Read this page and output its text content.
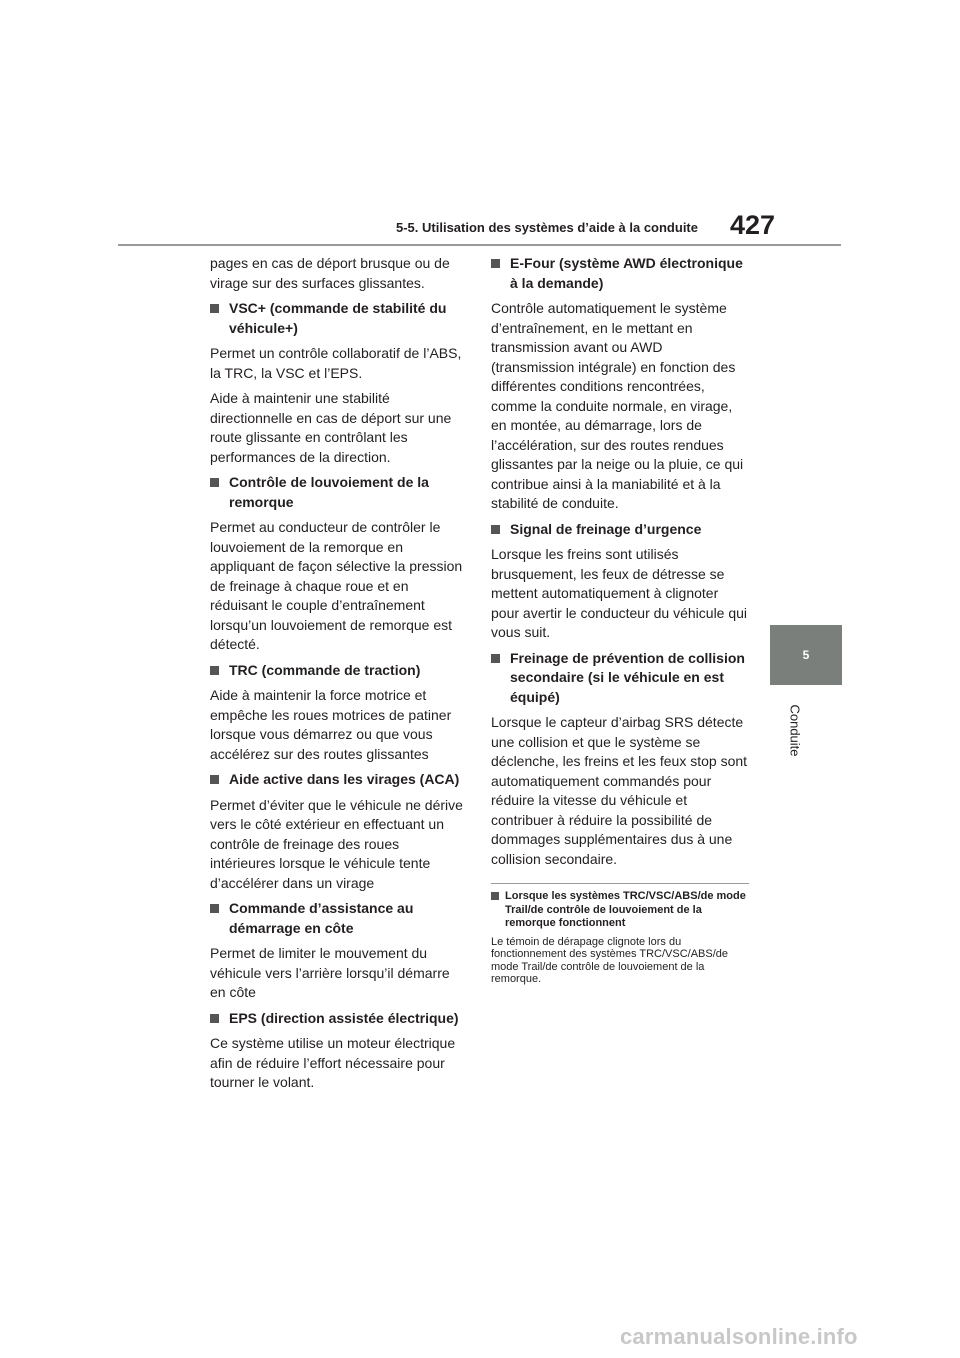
5-5. Utilisation des systèmes d’aide à la conduite 427

pages en cas de déport brusque ou de virage sur des surfaces glissantes.

VSC+ (commande de stabilité du véhicule+)

Permet un contrôle collaboratif de l’ABS, la TRC, la VSC et l’EPS.

Aide à maintenir une stabilité directionnelle en cas de déport sur une route glissante en contrôlant les performances de la direction.

Contrôle de louvoiement de la remorque

Permet au conducteur de contrôler le louvoiement de la remorque en appliquant de façon sélective la pression de freinage à chaque roue et en réduisant le couple d’entraînement lorsqu’un louvoiement de remorque est détecté.

TRC (commande de traction)

Aide à maintenir la force motrice et empêche les roues motrices de patiner lorsque vous démarrez ou que vous accélérez sur des routes glissantes

Aide active dans les virages (ACA)

Permet d’éviter que le véhicule ne dérive vers le côté extérieur en effectuant un contrôle de freinage des roues intérieures lorsque le véhicule tente d’accélérer dans un virage

Commande d’assistance au démarrage en côte

Permet de limiter le mouvement du véhicule vers l’arrière lorsqu’il démarre en côte

EPS (direction assistée électrique)

Ce système utilise un moteur électrique afin de réduire l’effort nécessaire pour tourner le volant.

E-Four (système AWD électronique à la demande)

Contrôle automatiquement le système d’entraînement, en le mettant en transmission avant ou AWD (transmission intégrale) en fonction des différentes conditions rencontrées, comme la conduite normale, en virage, en montée, au démarrage, lors de l’accélération, sur des routes rendues glissantes par la neige ou la pluie, ce qui contribue ainsi à la maniabilité et à la stabilité de conduite.

Signal de freinage d’urgence

Lorsque les freins sont utilisés brusquement, les feux de détresse se mettent automatiquement à clignoter pour avertir le conducteur du véhicule qui vous suit.

Freinage de prévention de collision secondaire (si le véhicule en est équipé)

Lorsque le capteur d’airbag SRS détecte une collision et que le système se déclenche, les freins et les feux stop sont automatiquement commandés pour réduire la vitesse du véhicule et contribuer à réduire la possibilité de dommages supplémentaires dus à une collision secondaire.

Lorsque les systèmes TRC/VSC/ABS/de mode Trail/de contrôle de louvoiement de la remorque fonctionnent

Le témoin de dérapage clignote lors du fonctionnement des systèmes TRC/VSC/ABS/de mode Trail/de contrôle de louvoiement de la remorque.

5
Conduite
carmanualsonline.info
